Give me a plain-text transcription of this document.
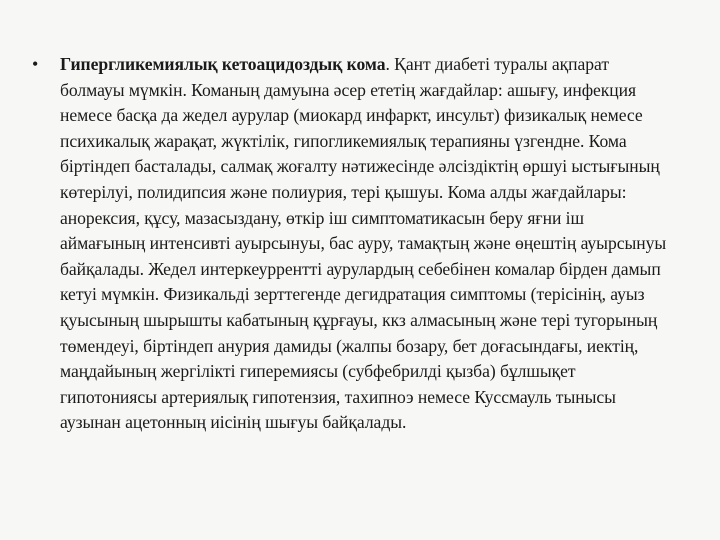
•	Гипергликемиялық кетоацидоздық кома. Қант диабеті туралы ақпарат болмауы мүмкін. Команың дамуына әсер ететің жағдайлар: ашығу, инфекция немесе басқа да жедел аурулар (миокард инфаркт, инсульт) физикалық немесе психикалық жарақат, жүктілік, гипогликемиялық терапияны үзгендне. Кома біртіндеп басталады, салмақ жоғалту нәтижесінде әлсіздіктің өршуі ыстығының көтерілуі, полидипсия және полиурия, тері қышуы. Кома алды жағдайлары: анорексия, құсу, мазасыздану, өткір іш симптоматикасын беру яғни іш аймағының интенсивті ауырсынуы, бас ауру, тамақтың және өңештің ауырсынуы байқалады. Жедел интеркеуррентті аурулардың себебінен комалар бірден дамып кетуі мүмкін. Физикальді зерттегенде дегидратация симптомы (терісінің, ауыз қуысының шырышты кабатының құрғауы, ккз алмасының және тері тугорының төмендеуі, біртіндеп анурия дамиды (жалпы бозару, бет доғасындағы, иектің, маңдайының жергілікті гиперемиясы (субфебрилді қызба) бұлшықет гипотониясы артериялық гипотензия, тахипноэ немесе Куссмауль тынысы аузынан ацетонның иісінің шығуы байқалады.
